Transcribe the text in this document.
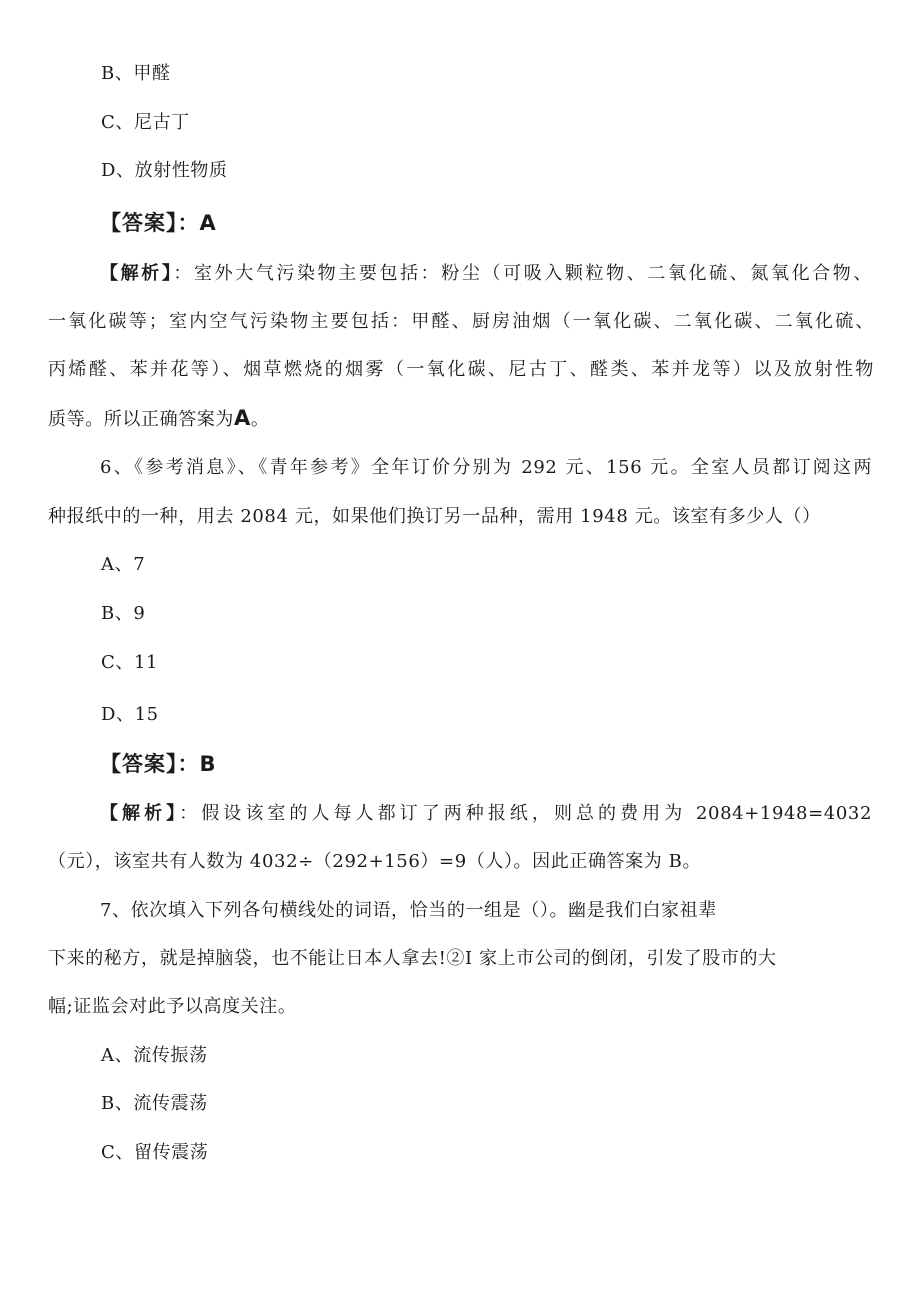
B、甲醛
C、尼古丁
D、放射性物质
【答案】：A
【解析】：室外大气污染物主要包括：粉尘（可吸入颗粒物、二氧化硫、氮氧化合物、
一氧化碳等；室内空气污染物主要包括：甲醛、厨房油烟（一氧化碳、二氧化碳、二氧化硫、
丙烯醛、苯并花等）、烟草燃烧的烟雾（一氧化碳、尼古丁、醛类、苯并龙等）以及放射性物
质等。所以正确答案为A。
6、《参考消息》、《青年参考》全年订价分别为 292 元、156 元。全室人员都订阅这两
种报纸中的一种，用去 2084 元，如果他们换订另一品种，需用 1948 元。该室有多少人（）
A、7
B、9
C、11
D、15
【答案】：B
【解析】：假设该室的人每人都订了两种报纸，则总的费用为 2084+1948=4032
（元），该室共有人数为 4032÷（292+156）=9（人）。因此正确答案为 B。
7、依次填入下列各句横线处的词语，恰当的一组是（）。幽是我们白家祖辈
下来的秘方，就是掉脑袋，也不能让日本人拿去!②I 家上市公司的倒闭，引发了股市的大
幅;证监会对此予以高度关注。
A、流传振荡
B、流传震荡
C、留传震荡
